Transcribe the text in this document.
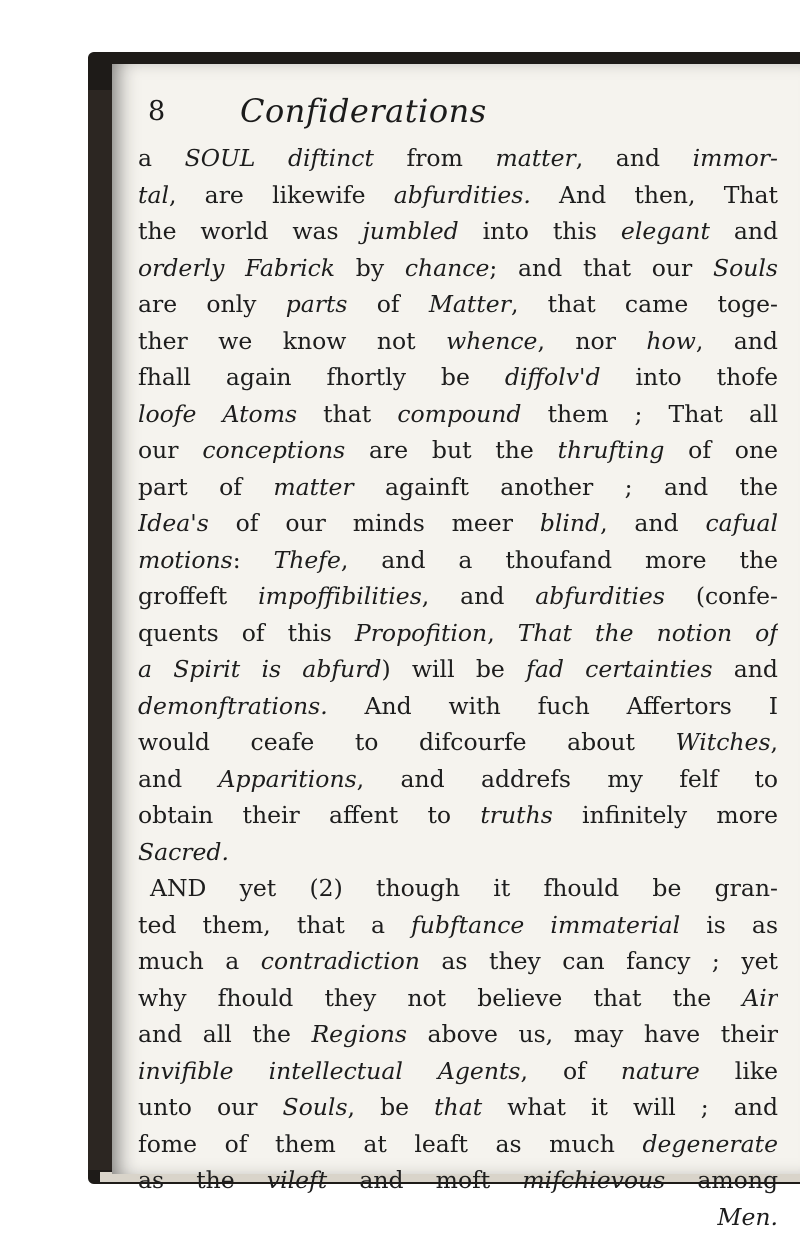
8 Confiderations
a SOUL diftinct from matter, and immor-
tal, are likewife abfurdities. And then, That
the world was jumbled into this elegant and
orderly Fabrick by chance; and that our Souls
are only parts of Matter, that came toge-
ther we know not whence, nor how, and
fhall again fhortly be diffolv'd into thofe
loofe Atoms that compound them ; That all
our conceptions are but the thrufting of one
part of matter againft another ; and the
Idea's of our minds meer blind, and cafual
motions: Thefe, and a thoufand more the
groffeft impoffibilities, and abfurdities (confe-
quents of this Propofition, That the notion of
a Spirit is abfurd) will be fad certainties and
demonftrations. And with fuch Affertors I
would ceafe to difcourfe about Witches,
and Apparitions, and addrefs my felf to
obtain their affent to truths infinitely more
Sacred.
AND yet (2) though it fhould be gran-
ted them, that a fubftance immaterial is as
much a contradiction as they can fancy ; yet
why fhould they not believe that the Air
and all the Regions above us, may have their
invifible intellectual Agents, of nature like
unto our Souls, be that what it will ; and
fome of them at leaft as much degenerate
as the vileft and moft mifchievous among
Men.
